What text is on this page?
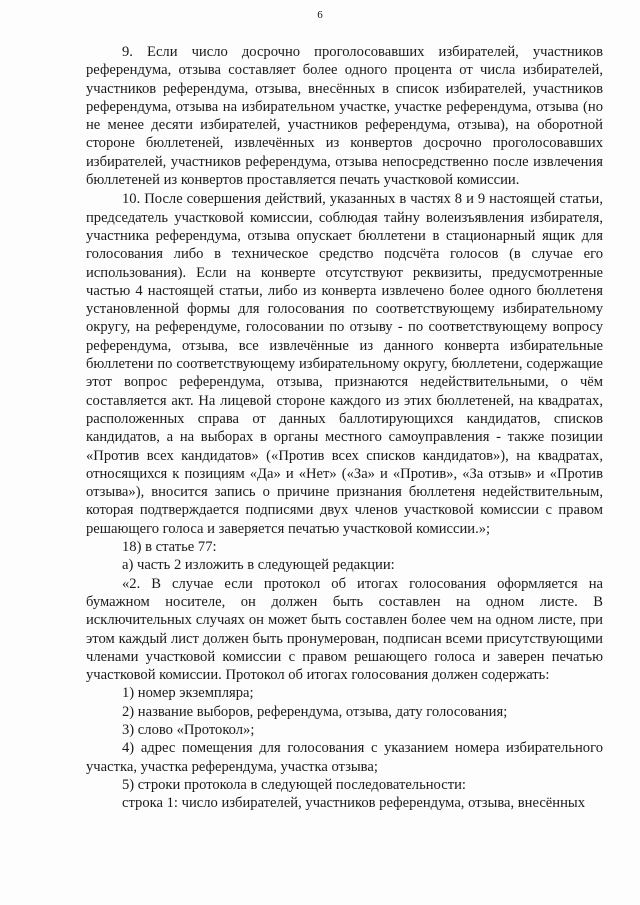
6

9. Если число досрочно проголосовавших избирателей, участников референдума, отзыва составляет более одного процента от числа избирателей, участников референдума, отзыва, внесённых в список избирателей, участников референдума, отзыва на избирательном участке, участке референдума, отзыва (но не менее десяти избирателей, участников референдума, отзыва), на оборотной стороне бюллетеней, извлечённых из конвертов досрочно проголосовавших избирателей, участников референдума, отзыва непосредственно после извлечения бюллетеней из конвертов проставляется печать участковой комиссии.

10. После совершения действий, указанных в частях 8 и 9 настоящей статьи, председатель участковой комиссии, соблюдая тайну волеизъявления избирателя, участника референдума, отзыва опускает бюллетени в стационарный ящик для голосования либо в техническое средство подсчёта голосов (в случае его использования). Если на конверте отсутствуют реквизиты, предусмотренные частью 4 настоящей статьи, либо из конверта извлечено более одного бюллетеня установленной формы для голосования по соответствующему избирательному округу, на референдуме, голосовании по отзыву - по соответствующему вопросу референдума, отзыва, все извлечённые из данного конверта избирательные бюллетени по соответствующему избирательному округу, бюллетени, содержащие этот вопрос референдума, отзыва, признаются недействительными, о чём составляется акт. На лицевой стороне каждого из этих бюллетеней, на квадратах, расположенных справа от данных баллотирующихся кандидатов, списков кандидатов, а на выборах в органы местного самоуправления - также позиции «Против всех кандидатов» («Против всех списков кандидатов»), на квадратах, относящихся к позициям «Да» и «Нет» («За» и «Против», «За отзыв» и «Против отзыва»), вносится запись о причине признания бюллетеня недействительным, которая подтверждается подписями двух членов участковой комиссии с правом решающего голоса и заверяется печатью участковой комиссии.»;

18) в статье 77:

а) часть 2 изложить в следующей редакции:

«2. В случае если протокол об итогах голосования оформляется на бумажном носителе, он должен быть составлен на одном листе. В исключительных случаях он может быть составлен более чем на одном листе, при этом каждый лист должен быть пронумерован, подписан всеми присутствующими членами участковой комиссии с правом решающего голоса и заверен печатью участковой комиссии. Протокол об итогах голосования должен содержать:

1) номер экземпляра;

2) название выборов, референдума, отзыва, дату голосования;

3) слово «Протокол»;

4) адрес помещения для голосования с указанием номера избирательного участка, участка референдума, участка отзыва;

5) строки протокола в следующей последовательности:

строка 1: число избирателей, участников референдума, отзыва, внесённых
